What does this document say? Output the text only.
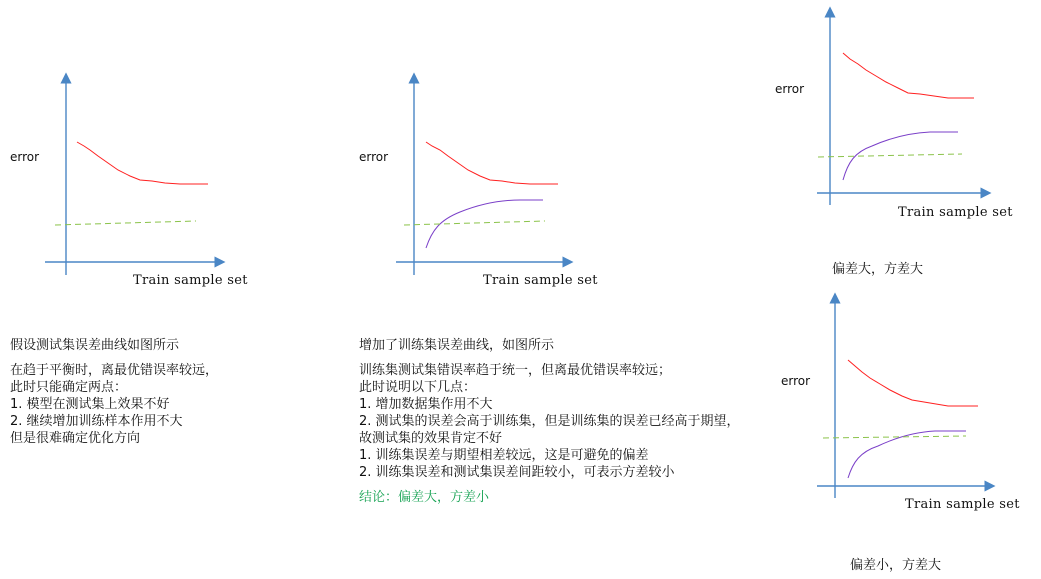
error
Train sample set
error
Train sample set
error
Train sample set
偏差大，方差大
error
Train sample set
偏差小，方差大
假设测试集误差曲线如图所示
在趋于平衡时，离最优错误率较远，
此时只能确定两点：
1. 模型在测试集上效果不好
2. 继续增加训练样本作用不大
但是很难确定优化方向
增加了训练集误差曲线，如图所示
训练集测试集错误率趋于统一，但离最优错误率较远；
此时说明以下几点：
1. 增加数据集作用不大
2. 测试集的误差会高于训练集，但是训练集的误差已经高于期望，
故测试集的效果肯定不好
1. 训练集误差与期望相差较远，这是可避免的偏差
2. 训练集误差和测试集误差间距较小，可表示方差较小
结论：偏差大，方差小
